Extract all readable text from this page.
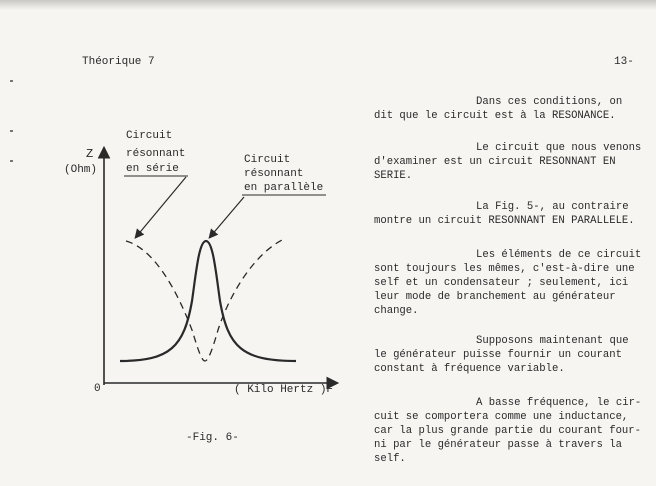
Théorique 7	13-
Z
(Ohm)
0	( Kilo Hertz )F
Circuit
résonnant
en série
Circuit
résonnant
en parallèle
-Fig. 6-

Dans ces conditions, on

dit que le circuit est à la RESONANCE.

Le circuit que nous venons

d'examiner est un circuit RESONNANT EN

SERIE.

La Fig. 5-, au contraire

montre un circuit RESONNANT EN PARALLELE.

Les éléments de ce circuit

sont toujours les mêmes, c'est-à-dire une

self et un condensateur ; seulement, ici

leur mode de branchement au générateur

change.

Supposons maintenant que

le générateur puisse fournir un courant

constant à fréquence variable.

A basse fréquence, le cir-

cuit se comportera comme une inductance,

car la plus grande partie du courant four-

ni par le générateur passe à travers la

self.
